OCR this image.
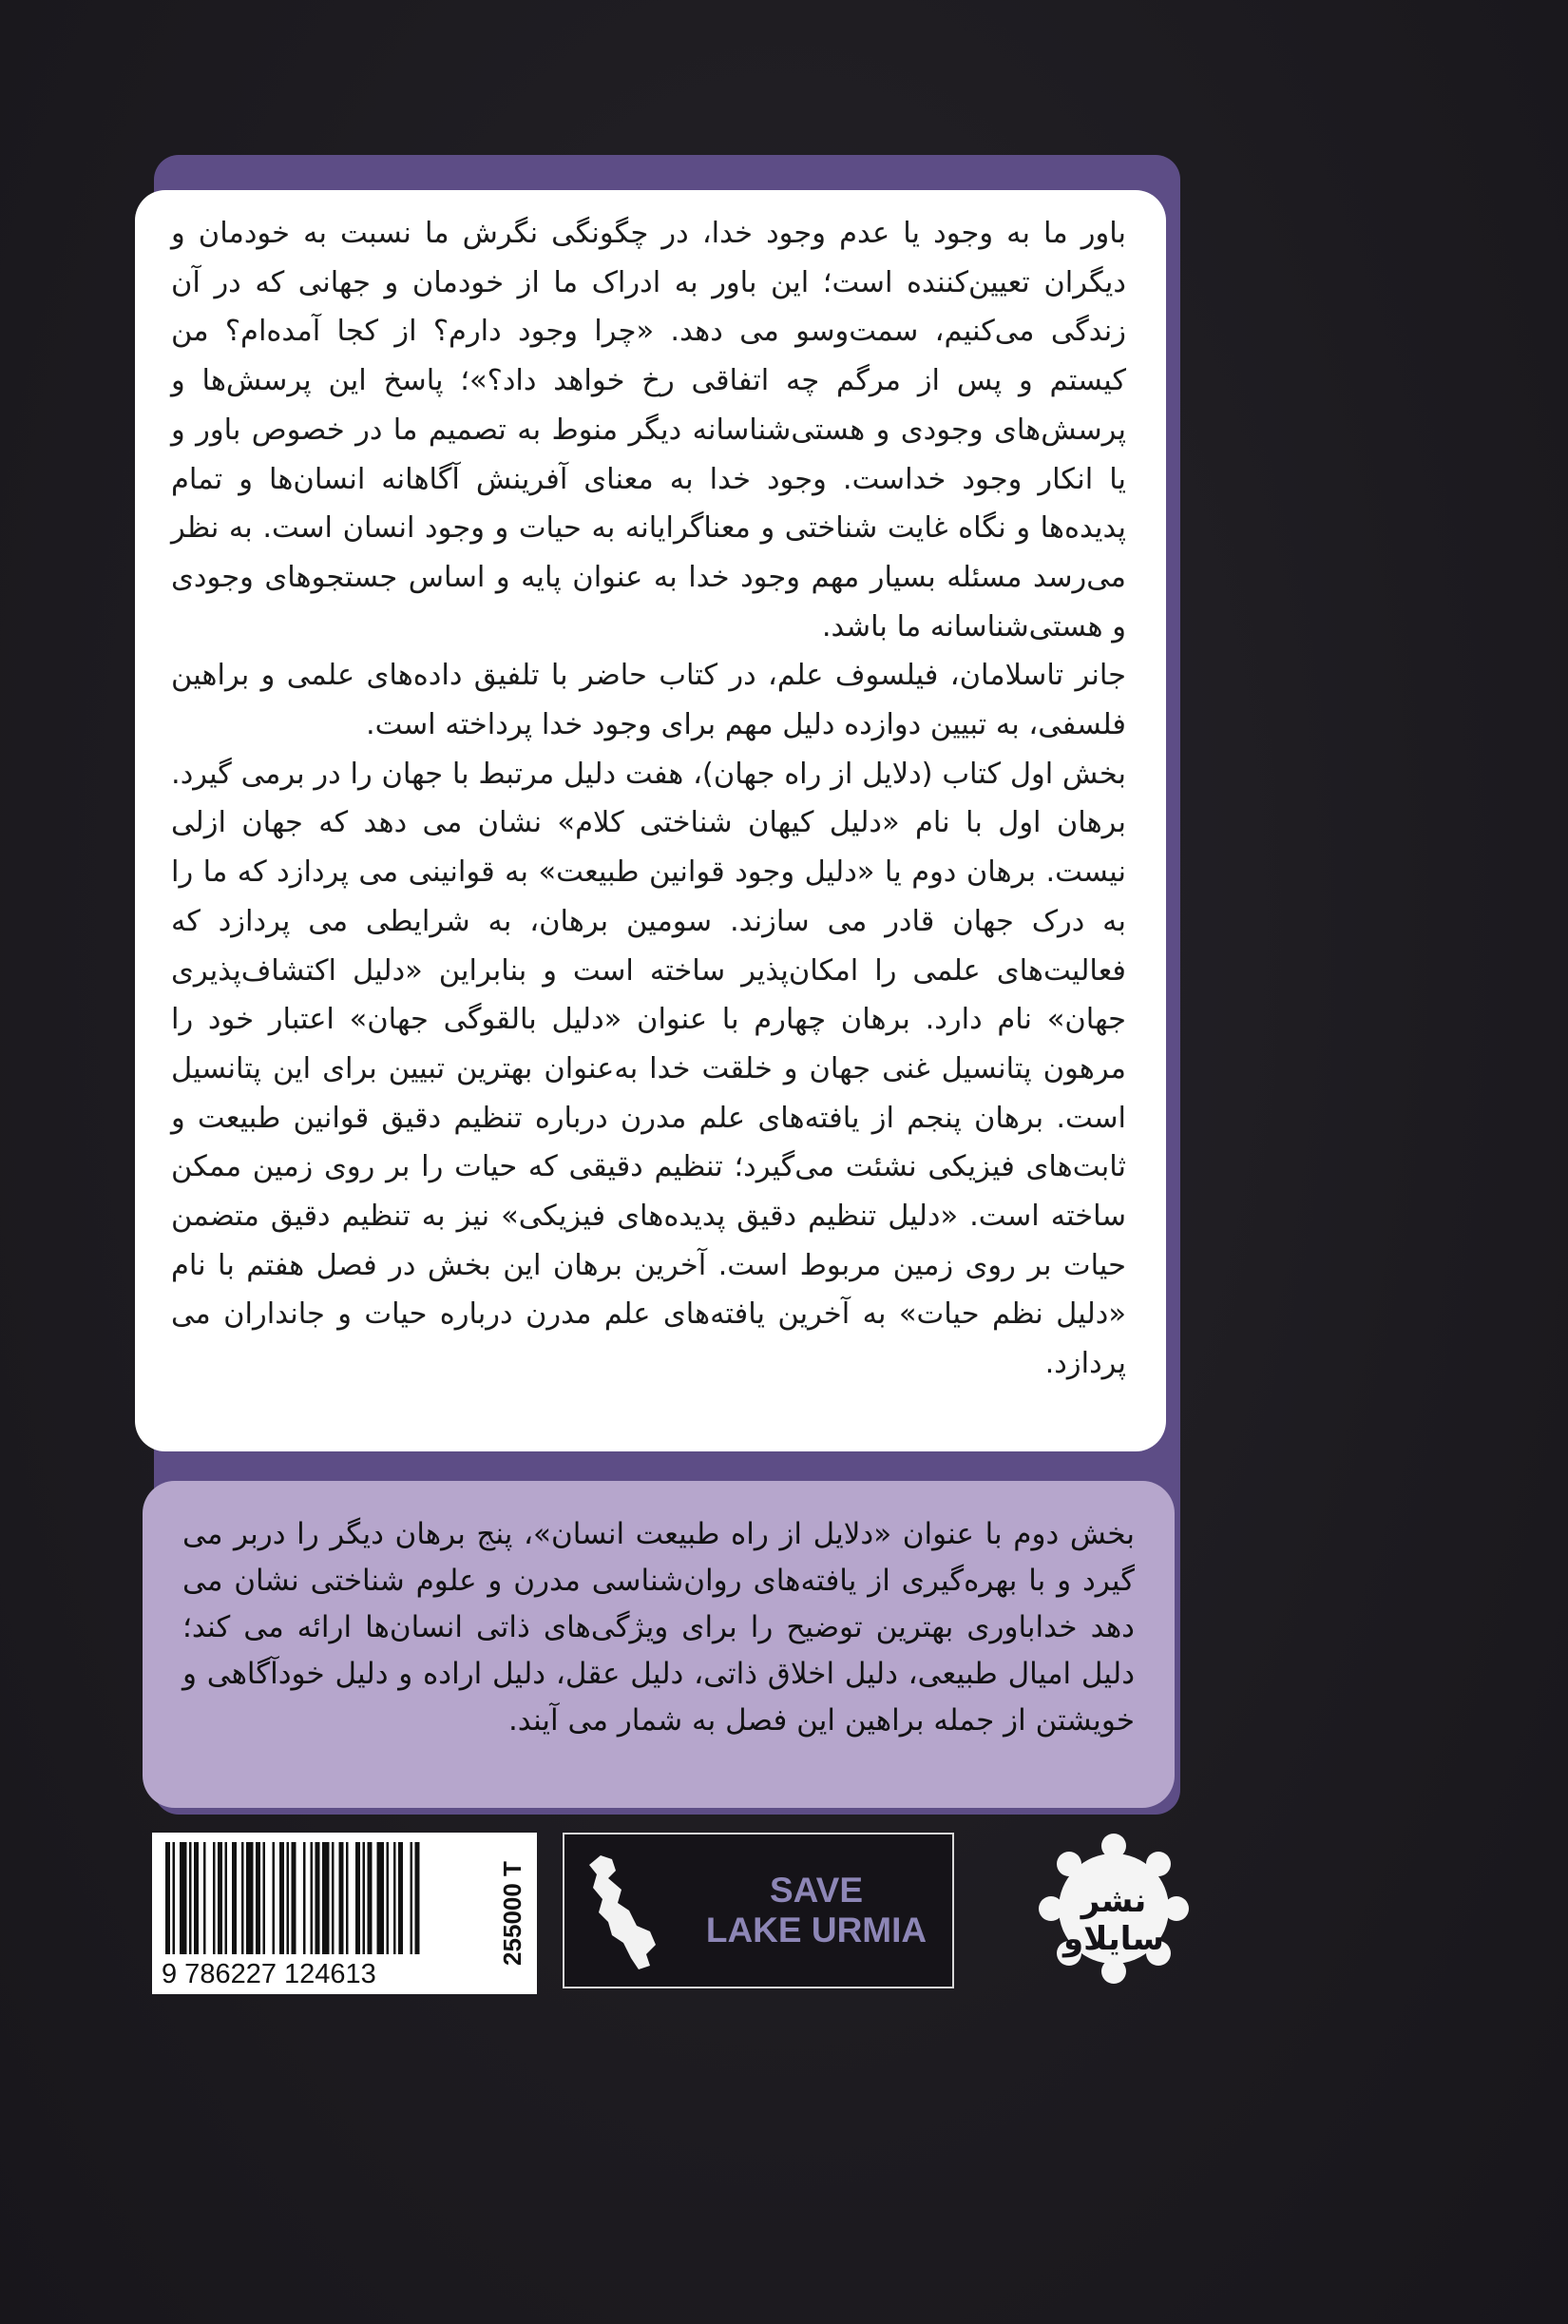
باور ما به وجود یا عدم وجود خدا، در چگونگی نگرش ما نسبت به خودمان و دیگران تعیین‌کننده است؛ این باور به ادراک ما از خودمان و جهانی که در آن زندگی می‌کنیم، سمت‌وسو می‌ دهد. «چرا وجود دارم؟ از کجا آمده‌ام؟ من کیستم و پس از مرگم چه اتفاقی رخ خواهد داد؟»؛ پاسخ این پرسش‌ها و پرسش‌های وجودی و هستی‌شناسانه دیگر منوط به تصمیم ما در خصوص باور و یا انکار وجود خداست. وجود خدا به معنای آفرینش آگاهانه انسان‌ها و تمام پدیده‌ها و نگاه غایت شناختی و معناگرایانه به حیات و وجود انسان است. به نظر می‌رسد مسئله بسیار مهم وجود خدا به عنوان پایه و اساس جستجوهای وجودی و هستی‌شناسانه ما باشد.

جانر تاسلامان، فیلسوف علم، در کتاب حاضر با تلفیق داده‌های علمی و براهین فلسفی، به تبیین دوازده دلیل مهم برای وجود خدا پرداخته است.

بخش اول کتاب (دلایل از راه جهان)، هفت دلیل مرتبط با جهان را در برمی گیرد. برهان اول با نام «دلیل کیهان شناختی کلام» نشان می دهد که جهان ازلی نیست. برهان دوم یا «دلیل وجود قوانین طبیعت» به قوانینی می پردازد که ما را به درک جهان قادر می سازند. سومین برهان، به شرایطی می پردازد که فعالیت‌های علمی را امکان‌پذیر ساخته است و بنابراین «دلیل اکتشاف‌پذیری جهان» نام دارد. برهان چهارم با عنوان «دلیل بالقوگی جهان» اعتبار خود را مرهون پتانسیل غنی جهان و خلقت خدا به‌عنوان بهترین تبیین برای این پتانسیل است. برهان پنجم از یافته‌های علم مدرن درباره تنظیم دقیق قوانین طبیعت و ثابت‌های فیزیکی نشئت می‌گیرد؛ تنظیم دقیقی که حیات را بر روی زمین ممکن ساخته است. «دلیل تنظیم دقیق پدیده‌های فیزیکی» نیز به تنظیم دقیق متضمن حیات بر روی زمین مربوط است. آخرین برهان این بخش در فصل هفتم با نام «دلیل نظم حیات» به آخرین یافته‌های علم مدرن درباره حیات و جانداران می پردازد.

بخش دوم با عنوان «دلایل از راه طبیعت انسان»، پنج برهان دیگر را دربر می گیرد و با بهره‌گیری از یافته‌های روان‌شناسی مدرن و علوم شناختی نشان می دهد خداباوری بهترین توضیح را برای ویژگی‌های ذاتی انسان‌ها ارائه می کند؛ دلیل امیال طبیعی، دلیل اخلاق ذاتی، دلیل عقل، دلیل اراده و دلیل خودآگاهی و خویشتن از جمله براهین این فصل به شمار می آیند.

9 786227 124613
255000 T	SAVE
LAKE URMIA
نشر سایلاو
